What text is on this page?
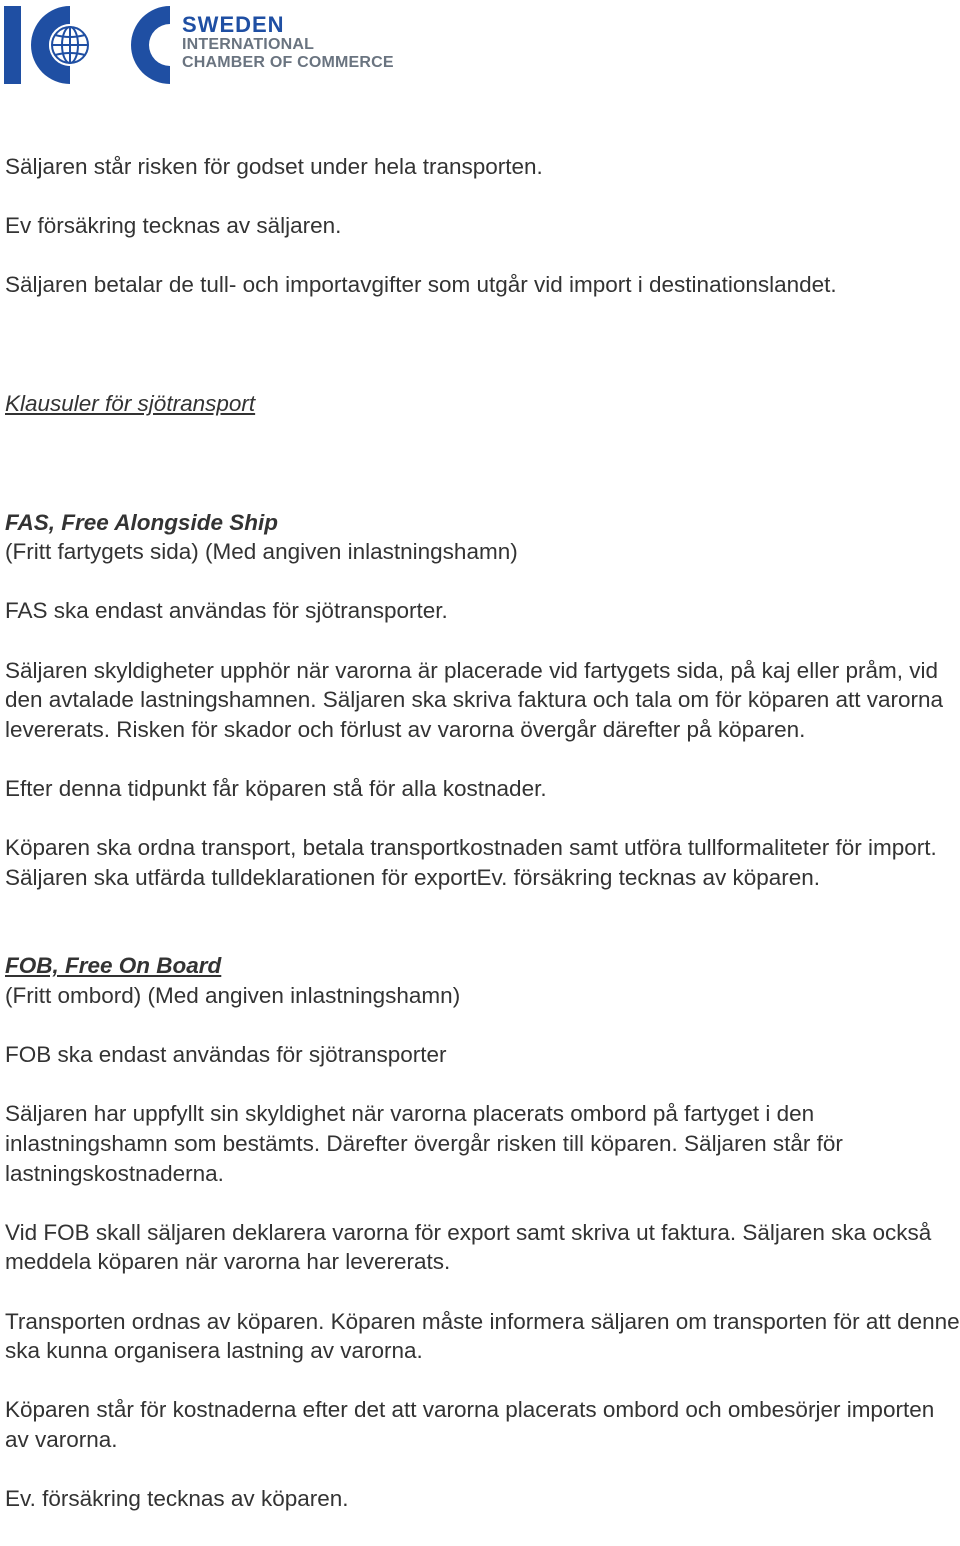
SWEDEN
INTERNATIONAL
CHAMBER OF COMMERCE

Säljaren står risken för godset under hela transporten.

Ev försäkring tecknas av säljaren.

Säljaren betalar de tull- och importavgifter som utgår vid import i destinationslandet.

Klausuler för sjötransport

FAS, Free Alongside Ship

(Fritt fartygets sida) (Med angiven inlastningshamn)

FAS ska endast användas för sjötransporter.

Säljaren skyldigheter upphör när varorna är placerade vid fartygets sida, på kaj eller pråm, vid den avtalade lastningshamnen. Säljaren ska skriva faktura och tala om för köparen att varorna levererats. Risken för skador och förlust av varorna övergår därefter på köparen.

Efter denna tidpunkt får köparen stå för alla kostnader.

Köparen ska ordna transport, betala transportkostnaden samt utföra tullformaliteter för import. Säljaren ska utfärda tulldeklarationen för exportEv. försäkring tecknas av köparen.

FOB, Free On Board

(Fritt ombord) (Med angiven inlastningshamn)

FOB ska endast användas för sjötransporter

Säljaren har uppfyllt sin skyldighet när varorna placerats ombord på fartyget i den inlastningshamn som bestämts. Därefter övergår risken till köparen. Säljaren står för lastningskostnaderna.

Vid FOB skall säljaren deklarera varorna för export samt skriva ut faktura. Säljaren ska också meddela köparen när varorna har levererats.

Transporten ordnas av köparen. Köparen måste informera säljaren om transporten för att denne ska kunna organisera lastning av varorna.

Köparen står för kostnaderna efter det att varorna placerats ombord och ombesörjer importen av varorna.

Ev. försäkring tecknas av köparen.
